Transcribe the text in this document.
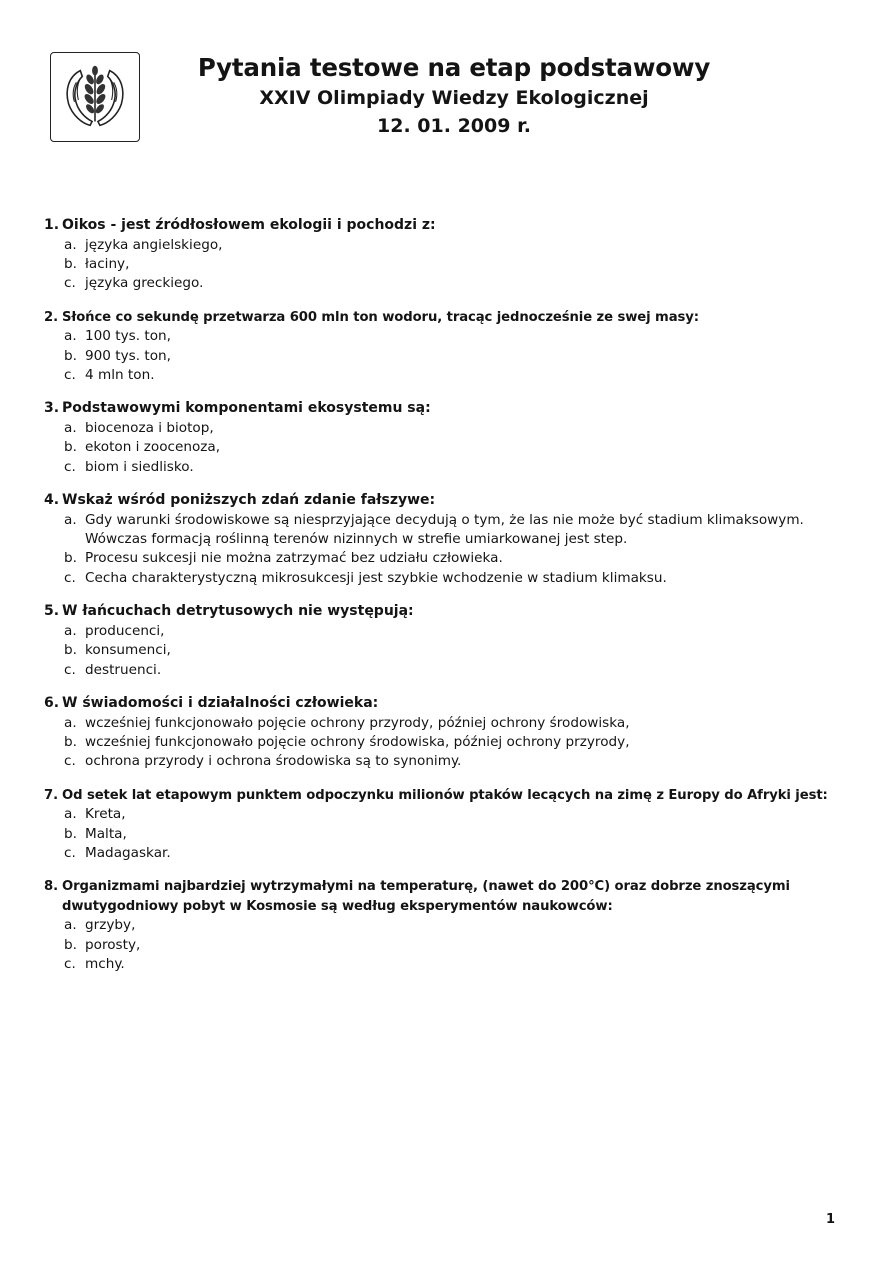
Pytania testowe na etap podstawowy
XXIV Olimpiady Wiedzy Ekologicznej
12. 01. 2009 r.
1. Oikos - jest źródłosłowem ekologii i pochodzi z:
a. języka angielskiego,
b. łaciny,
c. języka greckiego.
2. Słońce co sekundę przetwarza 600 mln ton wodoru, tracąc jednocześnie ze swej masy:
a. 100 tys. ton,
b. 900 tys. ton,
c. 4 mln ton.
3. Podstawowymi komponentami ekosystemu są:
a. biocenoza i biotop,
b. ekoton i zoocenoza,
c. biom i siedlisko.
4. Wskaż wśród poniższych zdań zdanie fałszywe:
a. Gdy warunki środowiskowe są niesprzyjające decydują o tym, że las nie może być stadium klimaksowym. Wówczas formacją roślinną terenów nizinnych w strefie umiarkowanej jest step.
b. Procesu sukcesji nie można zatrzymać bez udziału człowieka.
c. Cecha charakterystyczną mikrosukcesji jest szybkie wchodzenie w stadium klimaksu.
5. W łańcuchach detrytusowych nie występują:
a. producenci,
b. konsumenci,
c. destruenci.
6. W świadomości i działalności człowieka:
a. wcześniej funkcjonowało pojęcie ochrony przyrody, później ochrony środowiska,
b. wcześniej funkcjonowało pojęcie ochrony środowiska, później ochrony przyrody,
c. ochrona przyrody i ochrona środowiska są to synonimy.
7. Od setek lat etapowym punktem odpoczynku milionów ptaków lecących na zimę z Europy do Afryki jest:
a. Kreta,
b. Malta,
c. Madagaskar.
8. Organizmami najbardziej wytrzymałymi na temperaturę, (nawet do 200°C) oraz dobrze znoszącymi dwutygodniowy pobyt w Kosmosie są według eksperymentów naukowców:
a. grzyby,
b. porosty,
c. mchy.
1
